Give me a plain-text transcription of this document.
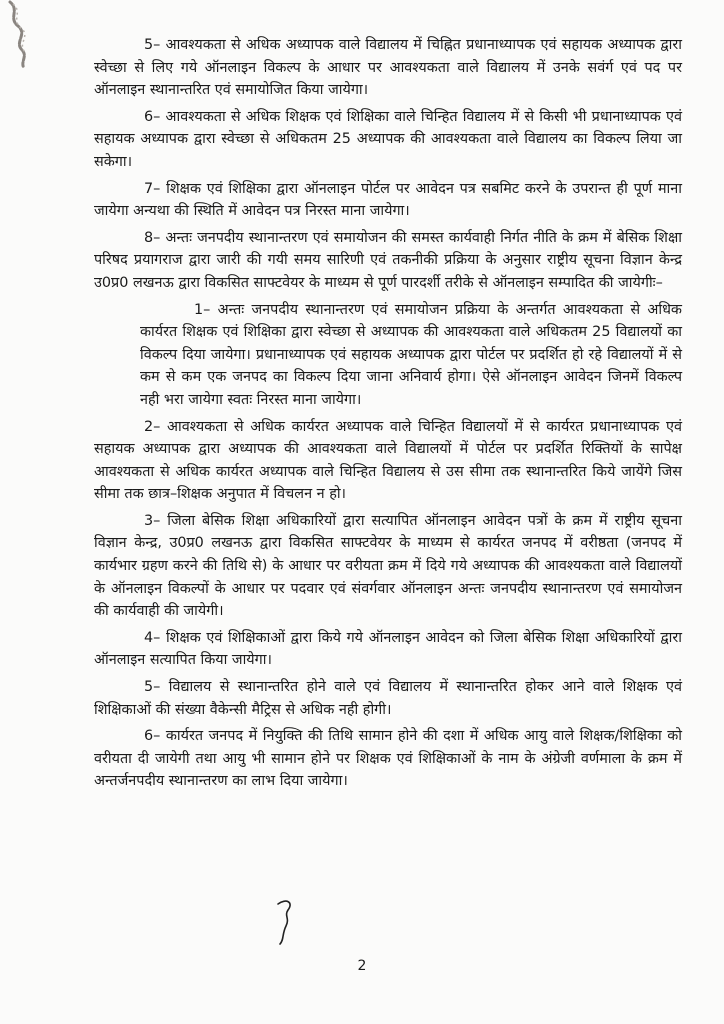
5– आवश्यकता से अधिक अध्यापक वाले विद्यालय में चिह्नित प्रधानाध्यापक एवं सहायक अध्यापक द्वारा स्वेच्छा से लिए गये ऑनलाइन विकल्प के आधार पर आवश्यकता वाले विद्यालय में उनके सवंर्ग एवं पद पर ऑनलाइन स्थानान्तरित एवं समायोजित किया जायेगा।

6– आवश्यकता से अधिक शिक्षक एवं शिक्षिका वाले चिन्हित विद्यालय में से किसी भी प्रधानाध्यापक एवं सहायक अध्यापक द्वारा स्वेच्छा से अधिकतम 25 अध्यापक की आवश्यकता वाले विद्यालय का विकल्प लिया जा सकेगा।

7– शिक्षक एवं शिक्षिका द्वारा ऑनलाइन पोर्टल पर आवेदन पत्र सबमिट करने के उपरान्त ही पूर्ण माना जायेगा अन्यथा की स्थिति में आवेदन पत्र निरस्त माना जायेगा।

8– अन्तः जनपदीय स्थानान्तरण एवं समायोजन की समस्त कार्यवाही निर्गत नीति के क्रम में बेसिक शिक्षा परिषद प्रयागराज द्वारा जारी की गयी समय सारिणी एवं तकनीकी प्रक्रिया के अनुसार राष्ट्रीय सूचना विज्ञान केन्द्र उ0प्र0 लखनऊ द्वारा विकसित साफ्टवेयर के माध्यम से पूर्ण पारदर्शी तरीके से ऑनलाइन सम्पादित की जायेगीः–

1– अन्तः जनपदीय स्थानान्तरण एवं समायोजन प्रक्रिया के अन्तर्गत आवश्यकता से अधिक कार्यरत शिक्षक एवं शिक्षिका द्वारा स्वेच्छा से अध्यापक की आवश्यकता वाले अधिकतम 25 विद्यालयों का विकल्प दिया जायेगा। प्रधानाध्यापक एवं सहायक अध्यापक द्वारा पोर्टल पर प्रदर्शित हो रहे विद्यालयों में से कम से कम एक जनपद का विकल्प दिया जाना अनिवार्य होगा। ऐसे ऑनलाइन आवेदन जिनमें विकल्प नही भरा जायेगा स्वतः निरस्त माना जायेगा।

2– आवश्यकता से अधिक कार्यरत अध्यापक वाले चिन्हित विद्यालयों में से कार्यरत प्रधानाध्यापक एवं सहायक अध्यापक द्वारा अध्यापक की आवश्यकता वाले विद्यालयों में पोर्टल पर प्रदर्शित रिक्तियों के सापेक्ष आवश्यकता से अधिक कार्यरत अध्यापक वाले चिन्हित विद्यालय से उस सीमा तक स्थानान्तरित किये जायेंगे जिस सीमा तक छात्र–शिक्षक अनुपात में विचलन न हो।

3– जिला बेसिक शिक्षा अधिकारियों द्वारा सत्यापित ऑनलाइन आवेदन पत्रों के क्रम में राष्ट्रीय सूचना विज्ञान केन्द्र, उ0प्र0 लखनऊ द्वारा विकसित साफ्टवेयर के माध्यम से कार्यरत जनपद में वरीष्ठता (जनपद में कार्यभार ग्रहण करने की तिथि से) के आधार पर वरीयता क्रम में दिये गये अध्यापक की आवश्यकता वाले विद्यालयों के ऑनलाइन विकल्पों के आधार पर पदवार एवं संवर्गवार ऑनलाइन अन्तः जनपदीय स्थानान्तरण एवं समायोजन की कार्यवाही की जायेगी।

4– शिक्षक एवं शिक्षिकाओं द्वारा किये गये ऑनलाइन आवेदन को जिला बेसिक शिक्षा अधिकारियों द्वारा ऑनलाइन सत्यापित किया जायेगा।

5– विद्यालय से स्थानान्तरित होने वाले एवं विद्यालय में स्थानान्तरित होकर आने वाले शिक्षक एवं शिक्षिकाओं की संख्या वैकेन्सी मैट्रिस से अधिक नही होगी।

6– कार्यरत जनपद में नियुक्ति की तिथि सामान होने की दशा में अधिक आयु वाले शिक्षक/शिक्षिका को वरीयता दी जायेगी तथा आयु भी सामान होने पर शिक्षक एवं शिक्षिकाओं के नाम के अंग्रेजी वर्णमाला के क्रम में अन्तर्जनपदीय स्थानान्तरण का लाभ दिया जायेगा।

2
